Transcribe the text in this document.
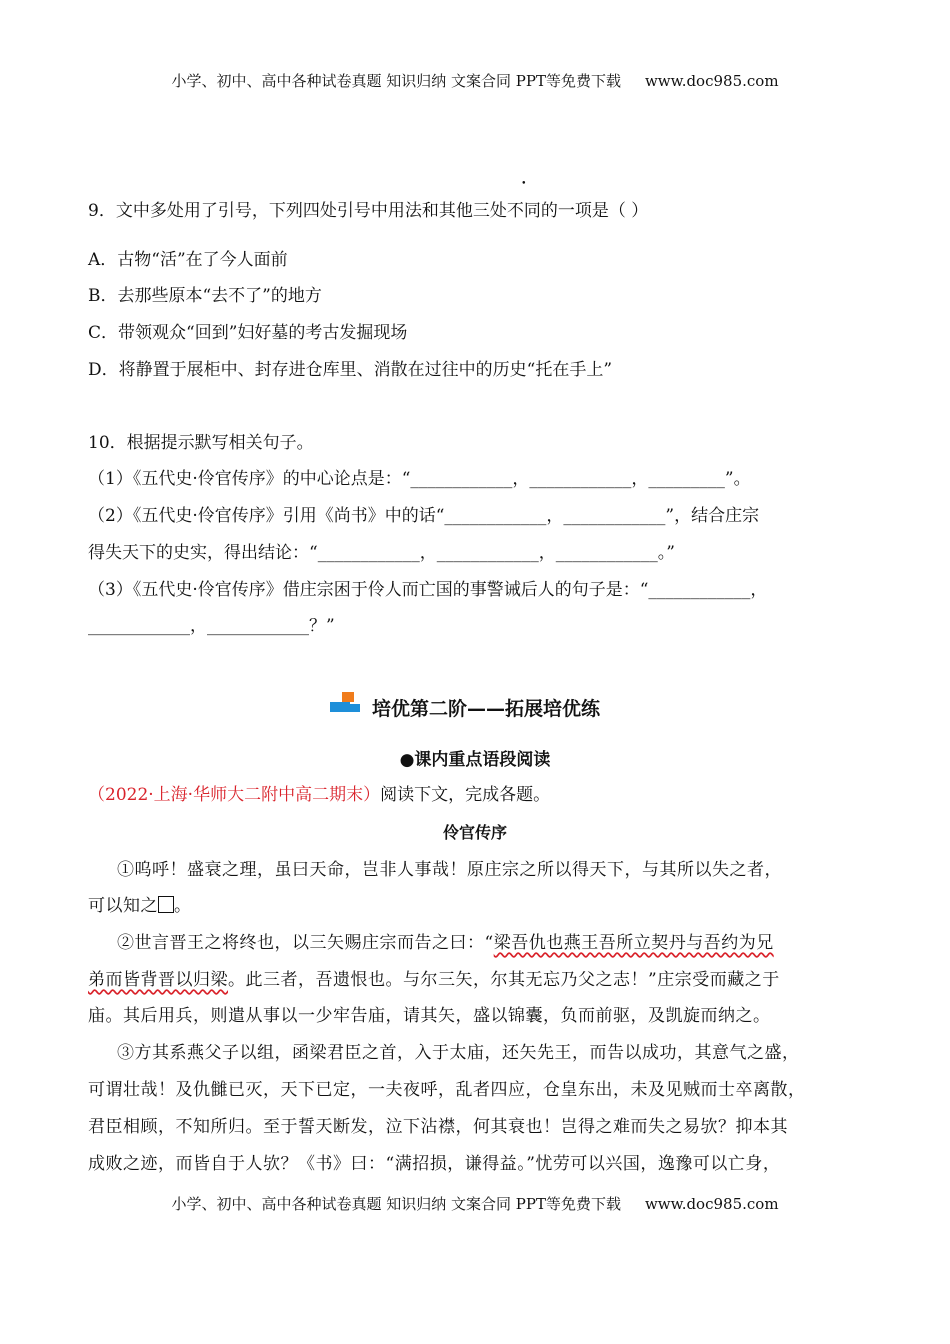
小学、初中、高中各种试卷真题 知识归纳 文案合同 PPT等免费下载 www.doc985.com
9．文中多处用了引号，下列四处引号中用法和其他三处不同的一项是（ ）
A．古物“活”在了今人面前
B．去那些原本“去不了”的地方
C．带领观众“回到”妇好墓的考古发掘现场
D．将静置于展柜中、封存进仓库里、消散在过往中的历史“托在手上”
10．根据提示默写相关句子。
（1）《五代史·伶官传序》的中心论点是：“____________，____________，_________”。
（2）《五代史·伶官传序》引用《尚书》中的话“____________，____________”，结合庄宗
得失天下的史实，得出结论：“____________，____________，____________。”
（3）《五代史·伶官传序》借庄宗困于伶人而亡国的事警诫后人的句子是：“____________，
____________，____________？”
培优第二阶——拓展培优练
●课内重点语段阅读
（2022·上海·华师大二附中高二期末）阅读下文，完成各题。
伶官传序
①呜呼！盛衰之理，虽曰天命，岂非人事哉！原庄宗之所以得天下，与其所以失之者，
可以知之 。
②世言晋王之将终也，以三矢赐庄宗而告之曰：“梁吾仇也燕王吾所立契丹与吾约为兄
弟而皆背晋以归梁。此三者，吾遗恨也。与尔三矢，尔其无忘乃父之志！”庄宗受而藏之于
庙。其后用兵，则遣从事以一少牢告庙，请其矢，盛以锦囊，负而前驱，及凯旋而纳之。
③方其系燕父子以组，函梁君臣之首，入于太庙，还矢先王，而告以成功，其意气之盛，
可谓壮哉！及仇雠已灭，天下已定，一夫夜呼，乱者四应，仓皇东出，未及见贼而士卒离散，
君臣相顾，不知所归。至于誓天断发，泣下沾襟，何其衰也！岂得之难而失之易欤？抑本其
成败之迹，而皆自于人欤？《书》曰：“满招损，谦得益。”忧劳可以兴国，逸豫可以亡身，
小学、初中、高中各种试卷真题 知识归纳 文案合同 PPT等免费下载 www.doc985.com
